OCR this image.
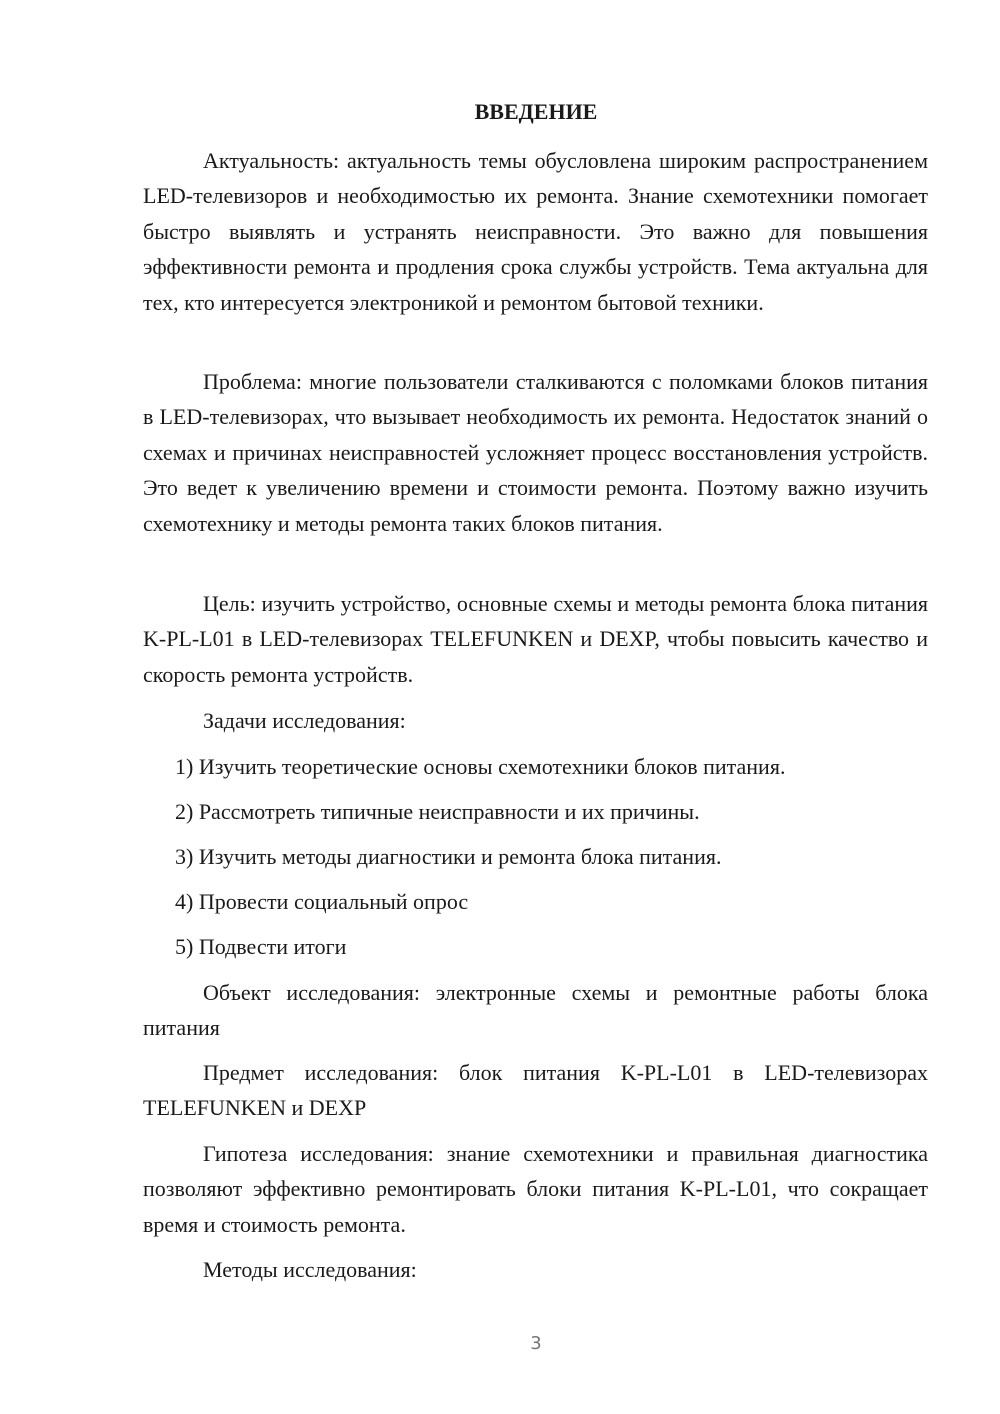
ВВЕДЕНИЕ

Актуальность: актуальность темы обусловлена широким распространением LED-телевизоров и необходимостью их ремонта. Знание схемотехники помогает быстро выявлять и устранять неисправности. Это важно для повышения эффективности ремонта и продления срока службы устройств. Тема актуальна для тех, кто интересуется электроникой и ремонтом бытовой техники.

Проблема: многие пользователи сталкиваются с поломками блоков питания в LED-телевизорах, что вызывает необходимость их ремонта. Недостаток знаний о схемах и причинах неисправностей усложняет процесс восстановления устройств. Это ведет к увеличению времени и стоимости ремонта. Поэтому важно изучить схемотехнику и методы ремонта таких блоков питания.

Цель: изучить устройство, основные схемы и методы ремонта блока питания K-PL-L01 в LED-телевизорах TELEFUNKEN и DEXP, чтобы повысить качество и скорость ремонта устройств.

Задачи исследования:

1) Изучить теоретические основы схемотехники блоков питания.

2) Рассмотреть типичные неисправности и их причины.

3) Изучить методы диагностики и ремонта блока питания.

4) Провести социальный опрос

5) Подвести итоги

Объект исследования: электронные схемы и ремонтные работы блока питания

Предмет исследования: блок питания K-PL-L01 в LED-телевизорах TELEFUNKEN и DEXP

Гипотеза исследования: знание схемотехники и правильная диагностика позволяют эффективно ремонтировать блоки питания K-PL-L01, что сокращает время и стоимость ремонта.

Методы исследования:

3
